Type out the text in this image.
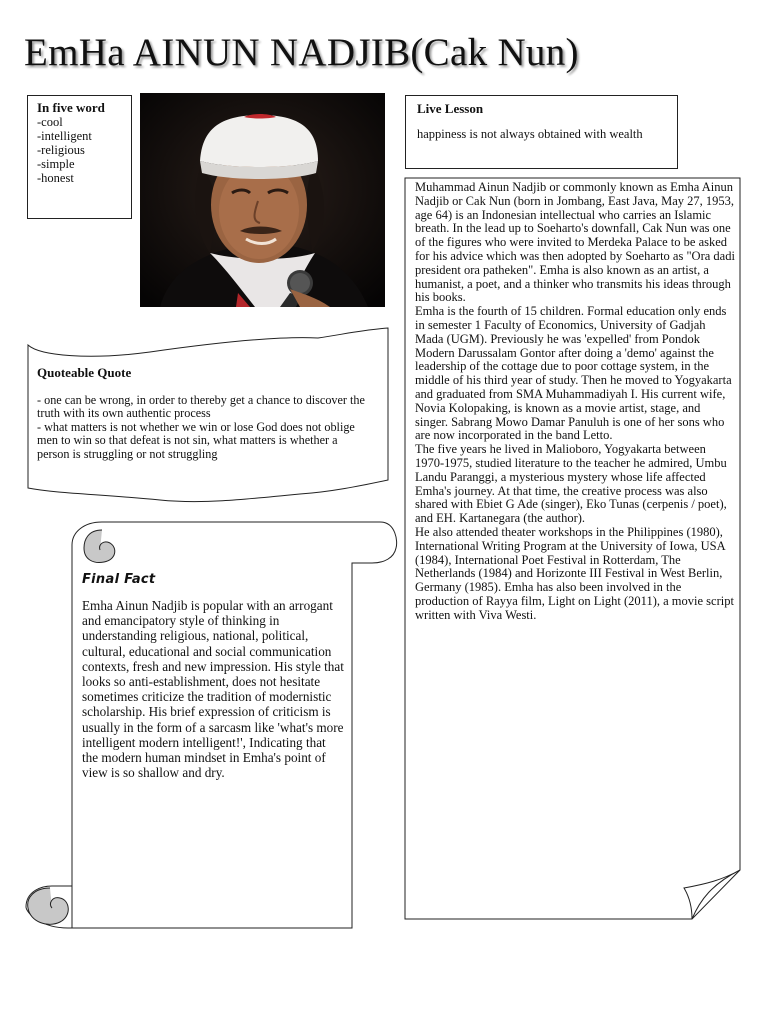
EmHa AINUN NADJIB(Cak Nun)
In five word
-cool
-intelligent
-religious
-simple
-honest
Live Lesson
happiness is not always obtained with wealth

Muhammad Ainun Nadjib or commonly known as Emha Ainun Nadjib or Cak Nun (born in Jombang, East Java, May 27, 1953, age 64) is an Indonesian intellectual who carries an Islamic breath. In the lead up to Soeharto's downfall, Cak Nun was one of the figures who were invited to Merdeka Palace to be asked for his advice which was then adopted by Soeharto as "Ora dadi president ora patheken". Emha is also known as an artist, a humanist, a poet, and a thinker who transmits his ideas through his books.

Emha is the fourth of 15 children. Formal education only ends in semester 1 Faculty of Economics, University of Gadjah Mada (UGM). Previously he was 'expelled' from Pondok Modern Darussalam Gontor after doing a 'demo' against the leadership of the cottage due to poor cottage system, in the middle of his third year of study. Then he moved to Yogyakarta and graduated from SMA Muhammadiyah I. His current wife, Novia Kolopaking, is known as a movie artist, stage, and singer. Sabrang Mowo Damar Panuluh is one of her sons who are now incorporated in the band Letto.

The five years he lived in Malioboro, Yogyakarta between 1970-1975, studied literature to the teacher he admired, Umbu Landu Paranggi, a mysterious mystery whose life affected Emha's journey. At that time, the creative process was also shared with Ebiet G Ade (singer), Eko Tunas (cerpenis / poet), and EH. Kartanegara (the author).

He also attended theater workshops in the Philippines (1980), International Writing Program at the University of Iowa, USA (1984), International Poet Festival in Rotterdam, The Netherlands (1984) and Horizonte III Festival in West Berlin, Germany (1985). Emha has also been involved in the production of Rayya film, Light on Light (2011), a movie script written with Viva Westi.

Quoteable Quote

- one can be wrong, in order to thereby get a chance to discover the truth with its own authentic process

- what matters is not whether we win or lose God does not oblige men to win so that defeat is not sin, what matters is whether a person is struggling or not struggling

Final Fact
Emha Ainun Nadjib is popular with an arrogant and emancipatory style of thinking in understanding religious, national, political, cultural, educational and social communication contexts, fresh and new impression. His style that looks so anti-establishment, does not hesitate sometimes criticize the tradition of modernistic scholarship. His brief expression of criticism is usually in the form of a sarcasm like 'what's more intelligent modern intelligent!', Indicating that the modern human mindset in Emha's point of view is so shallow and dry.
